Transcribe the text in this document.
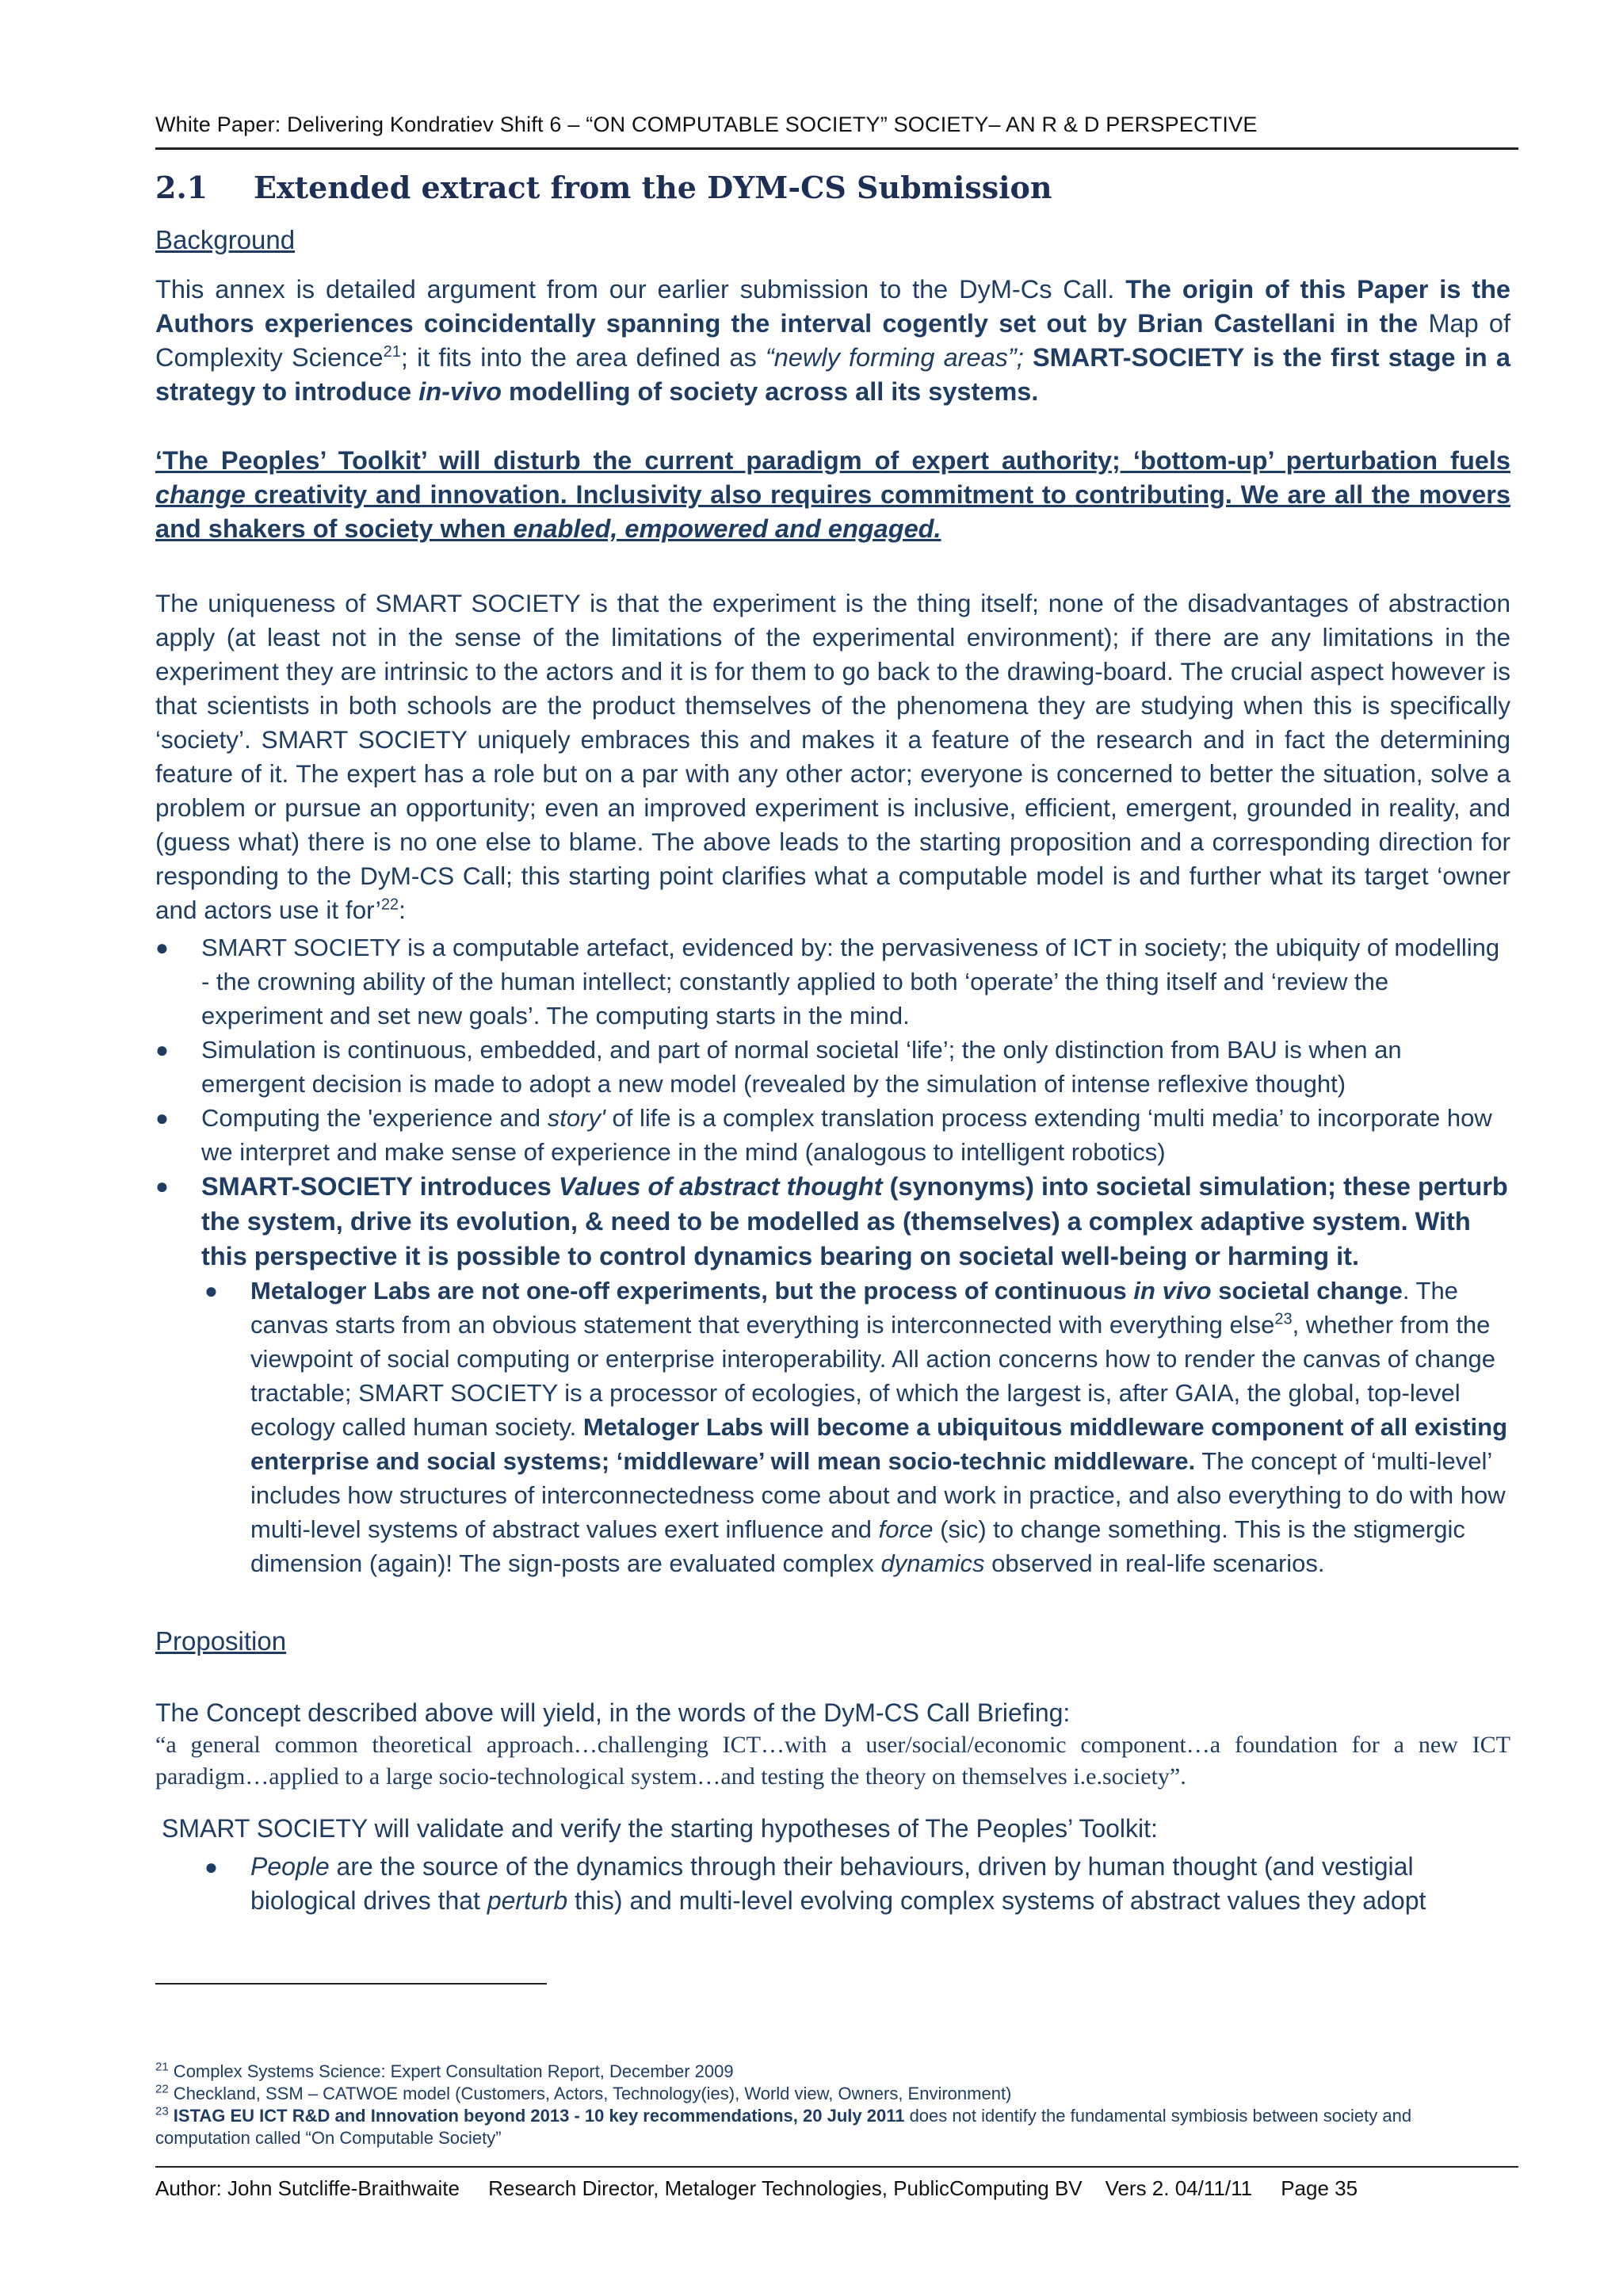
White Paper: Delivering Kondratiev Shift 6 – “ON COMPUTABLE SOCIETY” SOCIETY– AN R & D PERSPECTIVE
2.1 Extended extract from the DYM-CS Submission
Background

This annex is detailed argument from our earlier submission to the DyM-Cs Call. The origin of this Paper is the Authors experiences coincidentally spanning the interval cogently set out by Brian Castellani in the Map of Complexity Science$^{21}$; it fits into the area defined as “newly forming areas”; SMART-SOCIETY is the first stage in a strategy to introduce in-vivo modelling of society across all its systems.

‘The Peoples’ Toolkit’ will disturb the current paradigm of expert authority; ‘bottom-up’ perturbation fuels change creativity and innovation. Inclusivity also requires commitment to contributing. We are all the movers and shakers of society when enabled, empowered and engaged.

The uniqueness of SMART SOCIETY is that the experiment is the thing itself; none of the disadvantages of abstraction apply (at least not in the sense of the limitations of the experimental environment); if there are any limitations in the experiment they are intrinsic to the actors and it is for them to go back to the drawing-board. The crucial aspect however is that scientists in both schools are the product themselves of the phenomena they are studying when this is specifically ‘society’. SMART SOCIETY uniquely embraces this and makes it a feature of the research and in fact the determining feature of it. The expert has a role but on a par with any other actor; everyone is concerned to better the situation, solve a problem or pursue an opportunity; even an improved experiment is inclusive, efficient, emergent, grounded in reality, and (guess what) there is no one else to blame. The above leads to the starting proposition and a corresponding direction for responding to the DyM-CS Call; this starting point clarifies what a computable model is and further what its target ‘owner and actors use it for’$^{22}$:

● SMART SOCIETY is a computable artefact, evidenced by: the pervasiveness of ICT in society; the ubiquity of modelling - the crowning ability of the human intellect; constantly applied to both ‘operate’ the thing itself and ‘review the experiment and set new goals’. The computing starts in the mind.
● Simulation is continuous, embedded, and part of normal societal ‘life’; the only distinction from BAU is when an emergent decision is made to adopt a new model (revealed by the simulation of intense reflexive thought)
● Computing the 'experience and story' of life is a complex translation process extending ‘multi media’ to incorporate how we interpret and make sense of experience in the mind (analogous to intelligent robotics)
● SMART-SOCIETY introduces Values of abstract thought (synonyms) into societal simulation; these perturb the system, drive its evolution, & need to be modelled as (themselves) a complex adaptive system. With this perspective it is possible to control dynamics bearing on societal well-being or harming it.
● Metaloger Labs are not one-off experiments, but the process of continuous in vivo societal change. The canvas starts from an obvious statement that everything is interconnected with everything else$^{23}$, whether from the viewpoint of social computing or enterprise interoperability. All action concerns how to render the canvas of change tractable; SMART SOCIETY is a processor of ecologies, of which the largest is, after GAIA, the global, top-level ecology called human society. Metaloger Labs will become a ubiquitous middleware component of all existing enterprise and social systems; ‘middleware’ will mean socio-technic middleware. The concept of ‘multi-level’ includes how structures of interconnectedness come about and work in practice, and also everything to do with how multi-level systems of abstract values exert influence and force (sic) to change something. This is the stigmergic dimension (again)! The sign-posts are evaluated complex dynamics observed in real-life scenarios.
Proposition
The Concept described above will yield, in the words of the DyM-CS Call Briefing:
“a general common theoretical approach…challenging ICT…with a user/social/economic component…a foundation for a new ICT paradigm…applied to a large socio-technological system…and testing the theory on themselves i.e.society”.
SMART SOCIETY will validate and verify the starting hypotheses of The Peoples’ Toolkit:
● People are the source of the dynamics through their behaviours, driven by human thought (and vestigial biological drives that perturb this) and multi-level evolving complex systems of abstract values they adopt
$^{21}$ Complex Systems Science: Expert Consultation Report, December 2009
$^{22}$ Checkland, SSM – CATWOE model (Customers, Actors, Technology(ies), World view, Owners, Environment)
$^{23}$ ISTAG EU ICT R&D and Innovation beyond 2013 - 10 key recommendations, 20 July 2011 does not identify the fundamental symbiosis between society and computation called “On Computable Society”
Author: John Sutcliffe-Braithwaite Research Director, Metaloger Technologies, PublicComputing BV Vers 2. 04/11/11 Page 35
